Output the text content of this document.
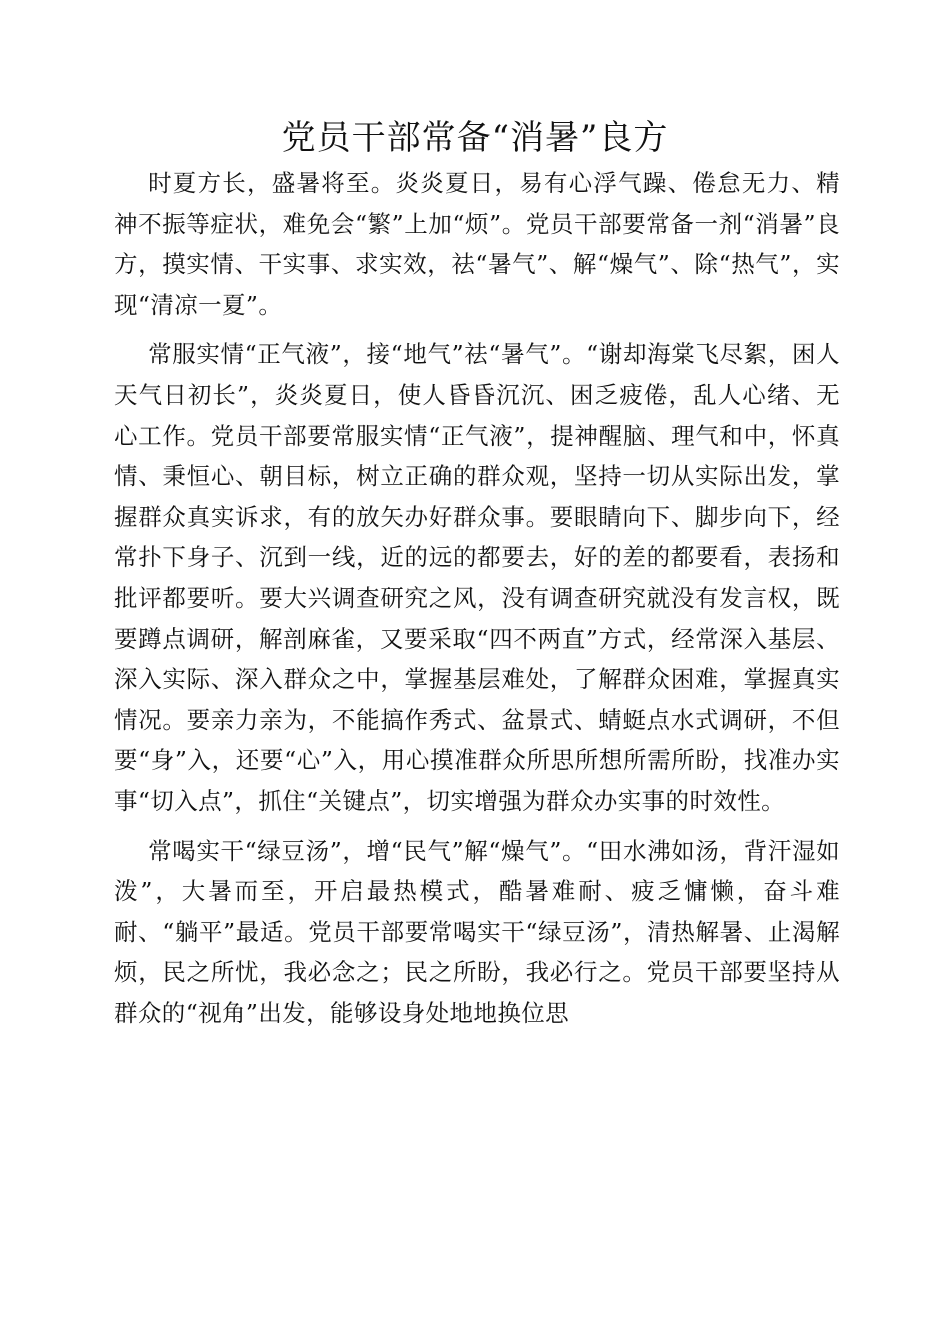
党员干部常备“消暑”良方

时夏方长，盛暑将至。炎炎夏日，易有心浮气躁、倦怠无力、精神不振等症状，难免会“繁”上加“烦”。党员干部要常备一剂“消暑”良方，摸实情、干实事、求实效，祛“暑气”、解“燥气”、除“热气”，实现“清凉一夏”。

常服实情“正气液”，接“地气”祛“暑气”。“谢却海棠飞尽絮，困人天气日初长”，炎炎夏日，使人昏昏沉沉、困乏疲倦，乱人心绪、无心工作。党员干部要常服实情“正气液”，提神醒脑、理气和中，怀真情、秉恒心、朝目标，树立正确的群众观，坚持一切从实际出发，掌握群众真实诉求，有的放矢办好群众事。要眼睛向下、脚步向下，经常扑下身子、沉到一线，近的远的都要去，好的差的都要看，表扬和批评都要听。要大兴调查研究之风，没有调查研究就没有发言权，既要蹲点调研，解剖麻雀，又要采取“四不两直”方式，经常深入基层、深入实际、深入群众之中，掌握基层难处，了解群众困难，掌握真实情况。要亲力亲为，不能搞作秀式、盆景式、蜻蜓点水式调研，不但要“身”入，还要“心”入，用心摸准群众所思所想所需所盼，找准办实事“切入点”，抓住“关键点”，切实增强为群众办实事的时效性。

常喝实干“绿豆汤”，增“民气”解“燥气”。“田水沸如汤，背汗湿如泼”，大暑而至，开启最热模式，酷暑难耐、疲乏慵懒，奋斗难耐、“躺平”最适。党员干部要常喝实干“绿豆汤”，清热解暑、止渴解烦，民之所忧，我必念之；民之所盼，我必行之。党员干部要坚持从群众的“视角”出发，能够设身处地地换位思
